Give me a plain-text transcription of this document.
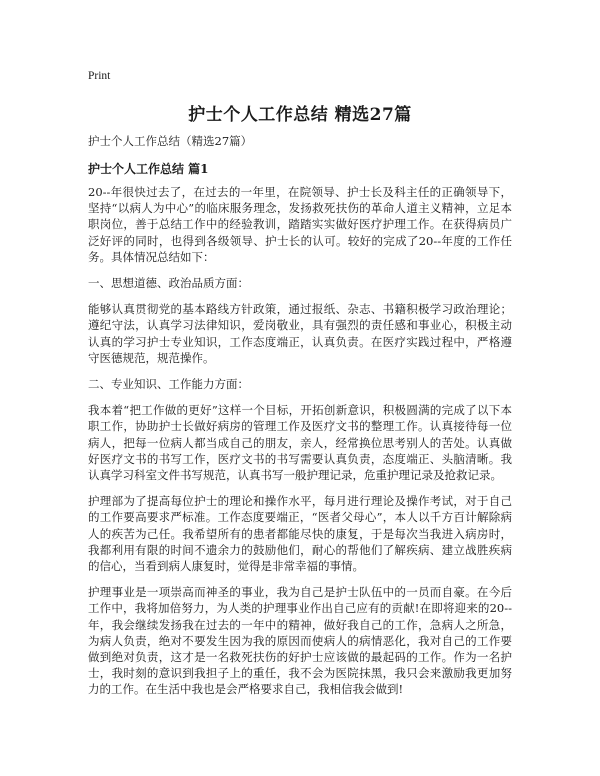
Print
护士个人工作总结 精选27篇
护士个人工作总结（精选27篇）
护士个人工作总结 篇1

20--年很快过去了，在过去的一年里，在院领导、护士长及科主任的正确领导下，坚持“以病人为中心”的临床服务理念，发扬救死扶伤的革命人道主义精神，立足本职岗位，善于总结工作中的经验教训，踏踏实实做好医疗护理工作。在获得病员广泛好评的同时，也得到各级领导、护士长的认可。较好的完成了20--年度的工作任务。具体情况总结如下：

一、思想道德、政治品质方面：

能够认真贯彻党的基本路线方针政策，通过报纸、杂志、书籍积极学习政治理论；遵纪守法，认真学习法律知识，爱岗敬业，具有强烈的责任感和事业心，积极主动认真的学习护士专业知识，工作态度端正，认真负责。在医疗实践过程中，严格遵守医德规范，规范操作。

二、专业知识、工作能力方面：

我本着“把工作做的更好”这样一个目标，开拓创新意识，积极圆满的完成了以下本职工作，协助护士长做好病房的管理工作及医疗文书的整理工作。认真接待每一位病人，把每一位病人都当成自己的朋友，亲人，经常换位思考别人的苦处。认真做好医疗文书的书写工作，医疗文书的书写需要认真负责，态度端正、头脑清晰。我认真学习科室文件书写规范，认真书写一般护理记录，危重护理记录及抢救记录。

护理部为了提高每位护士的理论和操作水平，每月进行理论及操作考试，对于自己的工作要高要求严标准。工作态度要端正，“医者父母心”，本人以千方百计解除病人的疾苦为己任。我希望所有的患者都能尽快的康复，于是每次当我进入病房时，我都利用有限的时间不遗余力的鼓励他们，耐心的帮他们了解疾病、建立战胜疾病的信心，当看到病人康复时，觉得是非常幸福的事情。

护理事业是一项崇高而神圣的事业，我为自己是护士队伍中的一员而自豪。在今后工作中，我将加倍努力，为人类的护理事业作出自己应有的贡献!在即将迎来的20--年，我会继续发扬我在过去的一年中的精神，做好我自己的工作，急病人之所急，为病人负责，绝对不要发生因为我的原因而使病人的病情恶化，我对自己的工作要做到绝对负责，这才是一名救死扶伤的好护士应该做的最起码的工作。作为一名护士，我时刻的意识到我担子上的重任，我不会为医院抹黑，我只会来激励我更加努力的工作。在生活中我也是会严格要求自己，我相信我会做到!
